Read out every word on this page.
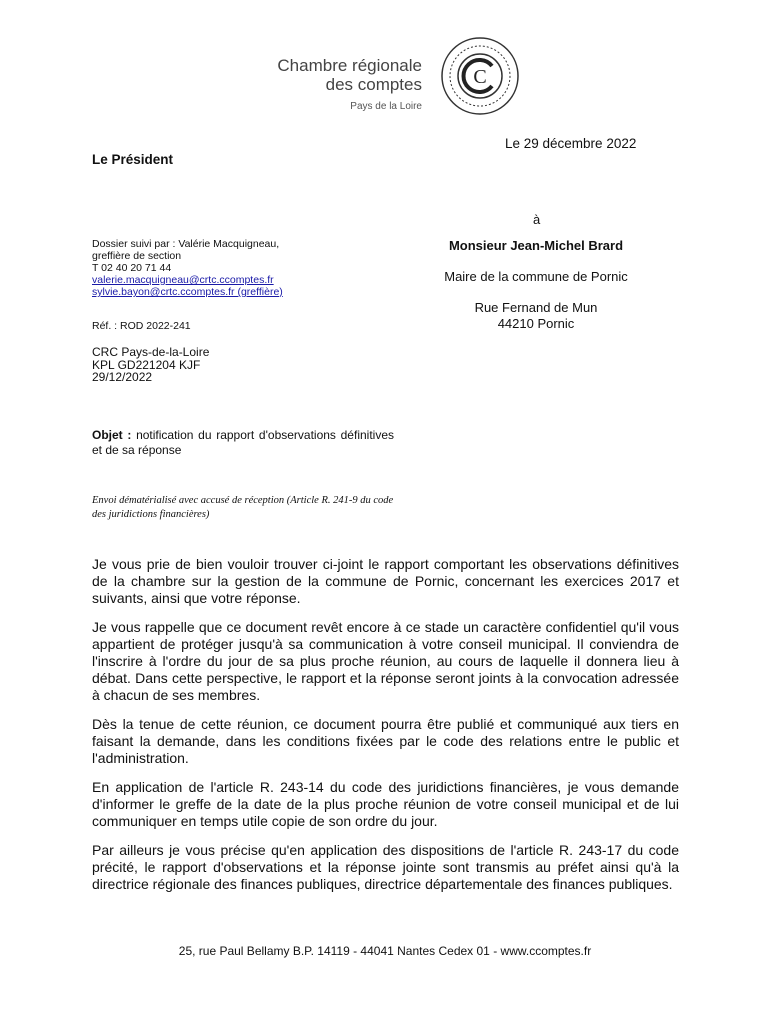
Chambre régionale
des comptes
Pays de la Loire
C
Le 29 décembre 2022
Le Président
à
Monsieur Jean-Michel Brard
Maire de la commune de Pornic
Rue Fernand de Mun
44210 Pornic
Dossier suivi par : Valérie Macquigneau,
greffière de section
T 02 40 20 71 44
valerie.macquigneau@crtc.ccomptes.fr
sylvie.bayon@crtc.ccomptes.fr (greffière)
Réf. : ROD 2022-241
CRC Pays-de-la-Loire
KPL GD221204 KJF
29/12/2022
Objet : notification du rapport d'observations définitives et de sa réponse
Envoi dématérialisé avec accusé de réception (Article R. 241-9 du code des juridictions financières)

Je vous prie de bien vouloir trouver ci-joint le rapport comportant les observations définitives de la chambre sur la gestion de la commune de Pornic, concernant les exercices 2017 et suivants, ainsi que votre réponse.

Je vous rappelle que ce document revêt encore à ce stade un caractère confidentiel qu'il vous appartient de protéger jusqu'à sa communication à votre conseil municipal. Il conviendra de l'inscrire à l'ordre du jour de sa plus proche réunion, au cours de laquelle il donnera lieu à débat. Dans cette perspective, le rapport et la réponse seront joints à la convocation adressée à chacun de ses membres.

Dès la tenue de cette réunion, ce document pourra être publié et communiqué aux tiers en faisant la demande, dans les conditions fixées par le code des relations entre le public et l'administration.

En application de l'article R. 243-14 du code des juridictions financières, je vous demande d'informer le greffe de la date de la plus proche réunion de votre conseil municipal et de lui communiquer en temps utile copie de son ordre du jour.

Par ailleurs je vous précise qu'en application des dispositions de l'article R. 243-17 du code précité, le rapport d'observations et la réponse jointe sont transmis au préfet ainsi qu'à la directrice régionale des finances publiques, directrice départementale des finances publiques.

25, rue Paul Bellamy B.P. 14119 - 44041 Nantes Cedex 01 - www.ccomptes.fr
